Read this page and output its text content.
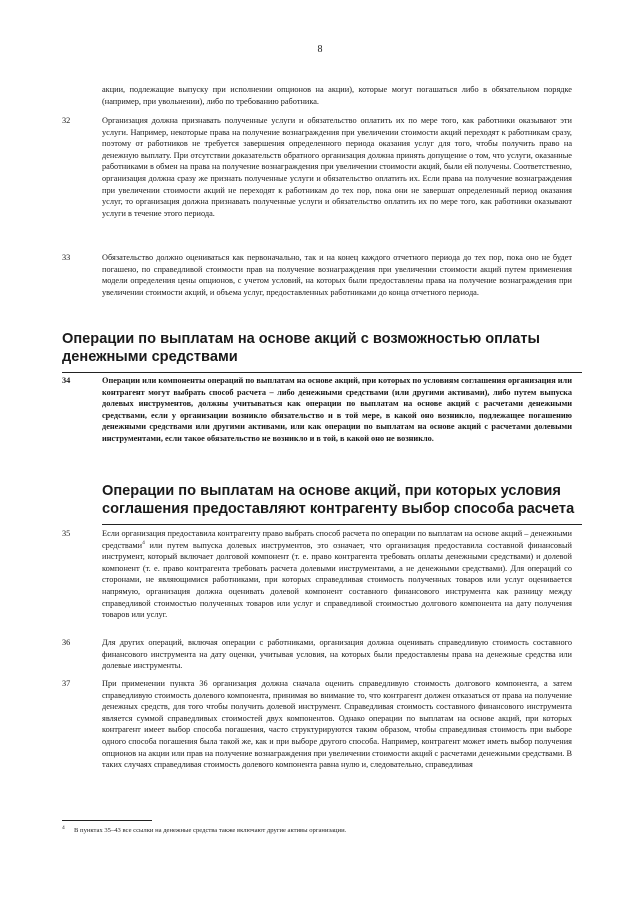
8
акции, подлежащие выпуску при исполнении опционов на акции), которые могут погашаться либо в обязательном порядке (например, при увольнении), либо по требованию работника.
32	Организация должна признавать полученные услуги и обязательство оплатить их по мере того, как работники оказывают эти услуги. Например, некоторые права на получение вознаграждения при увеличении стоимости акций переходят к работникам сразу, поэтому от работников не требуется завершения определенного периода оказания услуг для того, чтобы получить право на денежную выплату. При отсутствии доказательств обратного организация должна принять допущение о том, что услуги, оказанные работниками в обмен на права на получение вознаграждения при увеличении стоимости акций, были ей получены. Соответственно, организация должна сразу же признать полученные услуги и обязательство оплатить их. Если права на получение вознаграждения при увеличении стоимости акций не переходят к работникам до тех пор, пока они не завершат определенный период оказания услуг, то организация должна признавать полученные услуги и обязательство оплатить их по мере того, как работники оказывают услуги в течение этого периода.
33	Обязательство должно оцениваться как первоначально, так и на конец каждого отчетного периода до тех пор, пока оно не будет погашено, по справедливой стоимости прав на получение вознаграждения при увеличении стоимости акций путем применения модели определения цены опционов, с учетом условий, на которых были предоставлены права на получение вознаграждения при увеличении стоимости акций, и объема услуг, предоставленных работниками до конца отчетного периода.
Операции по выплатам на основе акций с возможностью оплаты денежными средствами
34	Операции или компоненты операций по выплатам на основе акций, при которых по условиям соглашения организация или контрагент могут выбрать способ расчета – либо денежными средствами (или другими активами), либо путем выпуска долевых инструментов, должны учитываться как операции по выплатам на основе акций с расчетами денежными средствами, если у организации возникло обязательство и в той мере, в какой оно возникло, подлежащее погашению денежными средствами или другими активами, или как операции по выплатам на основе акций с расчетами долевыми инструментами, если такое обязательство не возникло и в той, в какой оно не возникло.
Операции по выплатам на основе акций, при которых условия соглашения предоставляют контрагенту выбор способа расчета
35	Если организация предоставила контрагенту право выбрать способ расчета по операции по выплатам на основе акций – денежными средствами$^4$ или путем выпуска долевых инструментов, это означает, что организация предоставила составной финансовый инструмент, который включает долговой компонент (т. е. право контрагента требовать оплаты денежными средствами) и долевой компонент (т. е. право контрагента требовать расчета долевыми инструментами, а не денежными средствами). Для операций со сторонами, не являющимися работниками, при которых справедливая стоимость полученных товаров или услуг оценивается напрямую, организация должна оценивать долевой компонент составного финансового инструмента как разницу между справедливой стоимостью полученных товаров или услуг и справедливой стоимостью долгового компонента на дату получения товаров или услуг.
36	Для других операций, включая операции с работниками, организация должна оценивать справедливую стоимость составного финансового инструмента на дату оценки, учитывая условия, на которых были предоставлены права на денежные средства или долевые инструменты.
37	При применении пункта 36 организация должна сначала оценить справедливую стоимость долгового компонента, а затем справедливую стоимость долевого компонента, принимая во внимание то, что контрагент должен отказаться от права на получение денежных средств, для того чтобы получить долевой инструмент. Справедливая стоимость составного финансового инструмента является суммой справедливых стоимостей двух компонентов. Однако операции по выплатам на основе акций, при которых контрагент имеет выбор способа погашения, часто структурируются таким образом, чтобы справедливая стоимость при выборе одного способа погашения была такой же, как и при выборе другого способа. Например, контрагент может иметь выбор получения опционов на акции или прав на получение вознаграждения при увеличении стоимости акций с расчетами денежными средствами. В таких случаях справедливая стоимость долевого компонента равна нулю и, следовательно, справедливая
4 В пунктах 35–43 все ссылки на денежные средства также включают другие активы организации.
